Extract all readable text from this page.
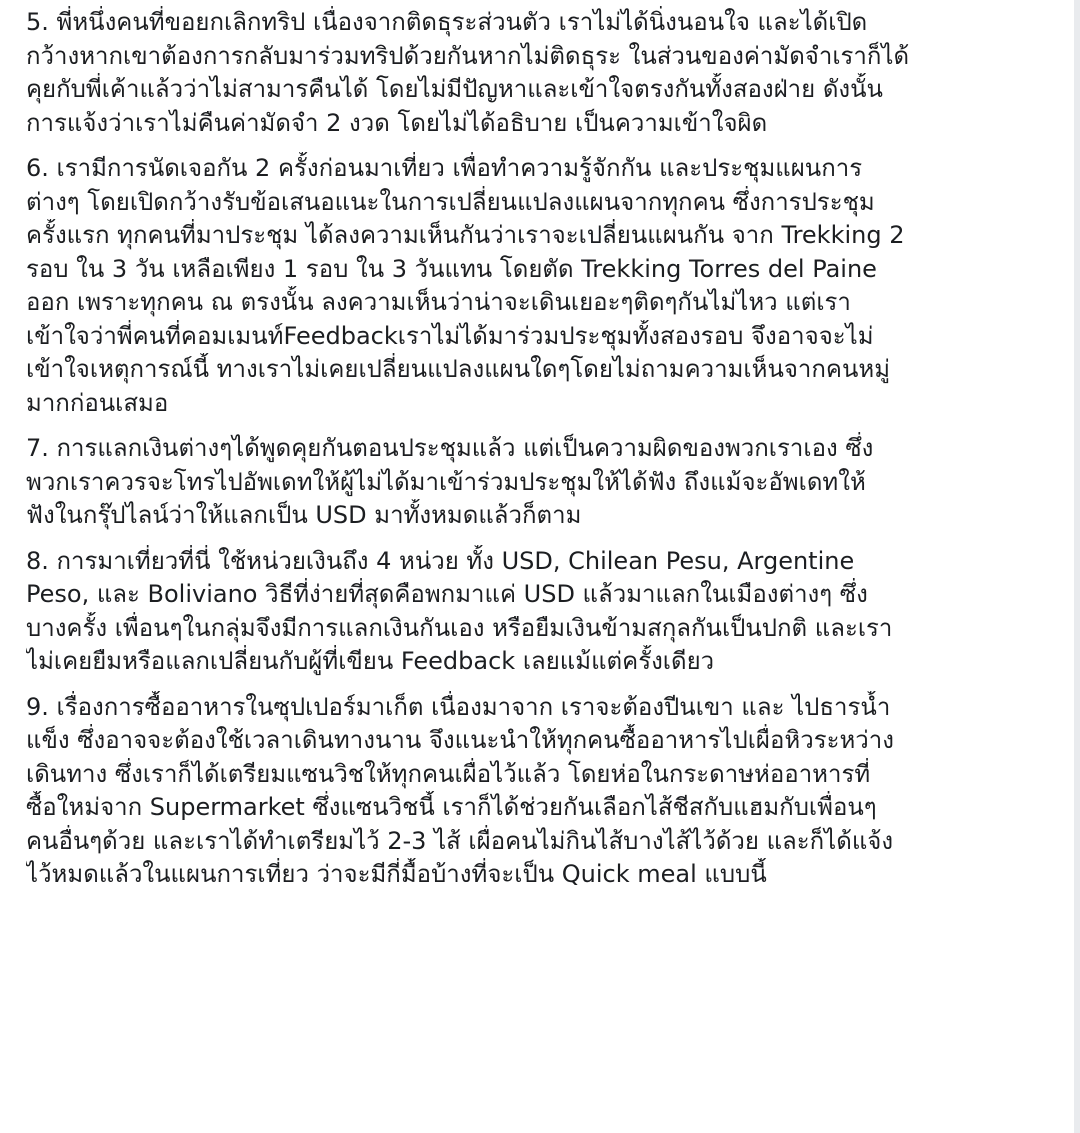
5. พี่หนึ่งคนที่ขอยกเลิกทริป เนื่องจากติดธุระส่วนตัว เราไม่ได้นิ่งนอนใจ และได้เปิด
กว้างหากเขาต้องการกลับมาร่วมทริปด้วยกันหากไม่ติดธุระ ในส่วนของค่ามัดจำเราก็ได้
คุยกับพี่เค้าแล้วว่าไม่สามารคืนได้ โดยไม่มีปัญหาและเข้าใจตรงกันทั้งสองฝ่าย ดังนั้น
การแจ้งว่าเราไม่คืนค่ามัดจำ 2 งวด โดยไม่ได้อธิบาย เป็นความเข้าใจผิด

6. เรามีการนัดเจอกัน 2 ครั้งก่อนมาเที่ยว เพื่อทำความรู้จักกัน และประชุมแผนการ
ต่างๆ โดยเปิดกว้างรับข้อเสนอแนะในการเปลี่ยนแปลงแผนจากทุกคน ซึ่งการประชุม
ครั้งแรก ทุกคนที่มาประชุม ได้ลงความเห็นกันว่าเราจะเปลี่ยนแผนกัน จาก Trekking 2
รอบ ใน 3 วัน เหลือเพียง 1 รอบ ใน 3 วันแทน โดยตัด Trekking Torres del Paine
ออก เพราะทุกคน ณ ตรงนั้น ลงความเห็นว่าน่าจะเดินเยอะๆติดๆกันไม่ไหว แต่เรา
เข้าใจว่าพี่คนที่คอมเมนท์Feedbackเราไม่ได้มาร่วมประชุมทั้งสองรอบ จึงอาจจะไม่
เข้าใจเหตุการณ์นี้ ทางเราไม่เคยเปลี่ยนแปลงแผนใดๆโดยไม่ถามความเห็นจากคนหมู่
มากก่อนเสมอ

7. การแลกเงินต่างๆได้พูดคุยกันตอนประชุมแล้ว แต่เป็นความผิดของพวกเราเอง ซึ่ง
พวกเราควรจะโทรไปอัพเดทให้ผู้ไม่ได้มาเข้าร่วมประชุมให้ได้ฟัง ถึงแม้จะอัพเดทให้
ฟังในกรุ๊ปไลน์ว่าให้แลกเป็น USD มาทั้งหมดแล้วก็ตาม

8. การมาเที่ยวที่นี่ ใช้หน่วยเงินถึง 4 หน่วย ทั้ง USD, Chilean Pesu, Argentine
Peso, และ Boliviano วิธีที่ง่ายที่สุดคือพกมาแค่ USD แล้วมาแลกในเมืองต่างๆ ซึ่ง
บางครั้ง เพื่อนๆในกลุ่มจึงมีการแลกเงินกันเอง หรือยืมเงินข้ามสกุลกันเป็นปกติ และเรา
ไม่เคยยืมหรือแลกเปลี่ยนกับผู้ที่เขียน Feedback เลยแม้แต่ครั้งเดียว

9. เรื่องการซื้ออาหารในซุปเปอร์มาเก็ต เนื่องมาจาก เราจะต้องปีนเขา และ ไปธารน้ำ
แข็ง ซึ่งอาจจะต้องใช้เวลาเดินทางนาน จึงแนะนำให้ทุกคนซื้ออาหารไปเผื่อหิวระหว่าง
เดินทาง ซึ่งเราก็ได้เตรียมแซนวิชให้ทุกคนเผื่อไว้แล้ว โดยห่อในกระดาษห่ออาหารที่
ซื้อใหม่จาก Supermarket ซึ่งแซนวิชนี้ เราก็ได้ช่วยกันเลือกไส้ชีสกับแฮมกับเพื่อนๆ
คนอื่นๆด้วย และเราได้ทำเตรียมไว้ 2-3 ไส้ เผื่อคนไม่กินไส้บางไส้ไว้ด้วย และก็ได้แจ้ง
ไว้หมดแล้วในแผนการเที่ยว ว่าจะมีกี่มื้อบ้างที่จะเป็น Quick meal แบบนี้
